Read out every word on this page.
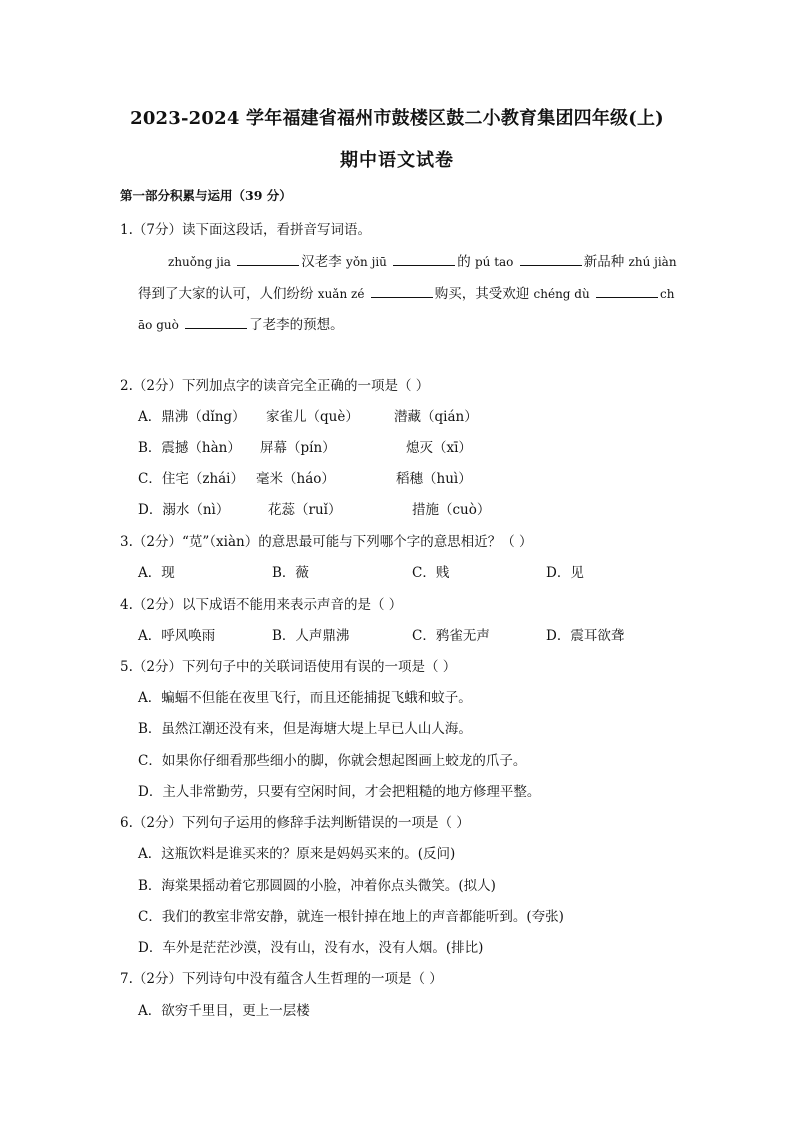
2023-2024 学年福建省福州市鼓楼区鼓二小教育集团四年级(上)
期中语文试卷
第一部分积累与运用（39 分）
1.（7分）读下面这段话，看拼音写词语。
zhuǒng jia	汉老李 yǒn jiū	的 pú tao	新品种 zhú jiàn
得到了大家的认可，人们纷纷 xuǎn zé	购买，其受欢迎 chéng dù	ch
āo guò	了老李的预想。
2.（2分）下列加点字的读音完全正确的一项是（ ）
A．鼎沸（dǐng） 家雀儿（què）	潜藏（qián）
B．震撼（hàn） 屏幕（pín）	熄灭（xī）
C．住宅（zhái） 毫米（háo）	稻穗（huì）
D．溺水（nì）	花蕊（ruǐ）	措施（cuò）
3.（2分）“苋”（xiàn）的意思最可能与下列哪个字的意思相近？（ ）
A．现	B．薇	C．贱	D．见
4.（2分）以下成语不能用来表示声音的是（ ）
A．呼风唤雨	B．人声鼎沸	C．鸦雀无声	D．震耳欲聋
5.（2分）下列句子中的关联词语使用有误的一项是（ ）
A．蝙蝠不但能在夜里飞行，而且还能捕捉飞蛾和蚊子。
B．虽然江潮还没有来，但是海塘大堤上早已人山人海。
C．如果你仔细看那些细小的脚，你就会想起图画上蛟龙的爪子。
D．主人非常勤劳，只要有空闲时间，才会把粗糙的地方修理平整。
6.（2分）下列句子运用的修辞手法判断错误的一项是（ ）
A．这瓶饮料是谁买来的？原来是妈妈买来的。(反问)
B．海棠果摇动着它那圆圆的小脸，冲着你点头微笑。(拟人)
C．我们的教室非常安静，就连一根针掉在地上的声音都能听到。(夸张)
D．车外是茫茫沙漠，没有山，没有水，没有人烟。(排比)
7.（2分）下列诗句中没有蕴含人生哲理的一项是（ ）
A．欲穷千里目，更上一层楼
